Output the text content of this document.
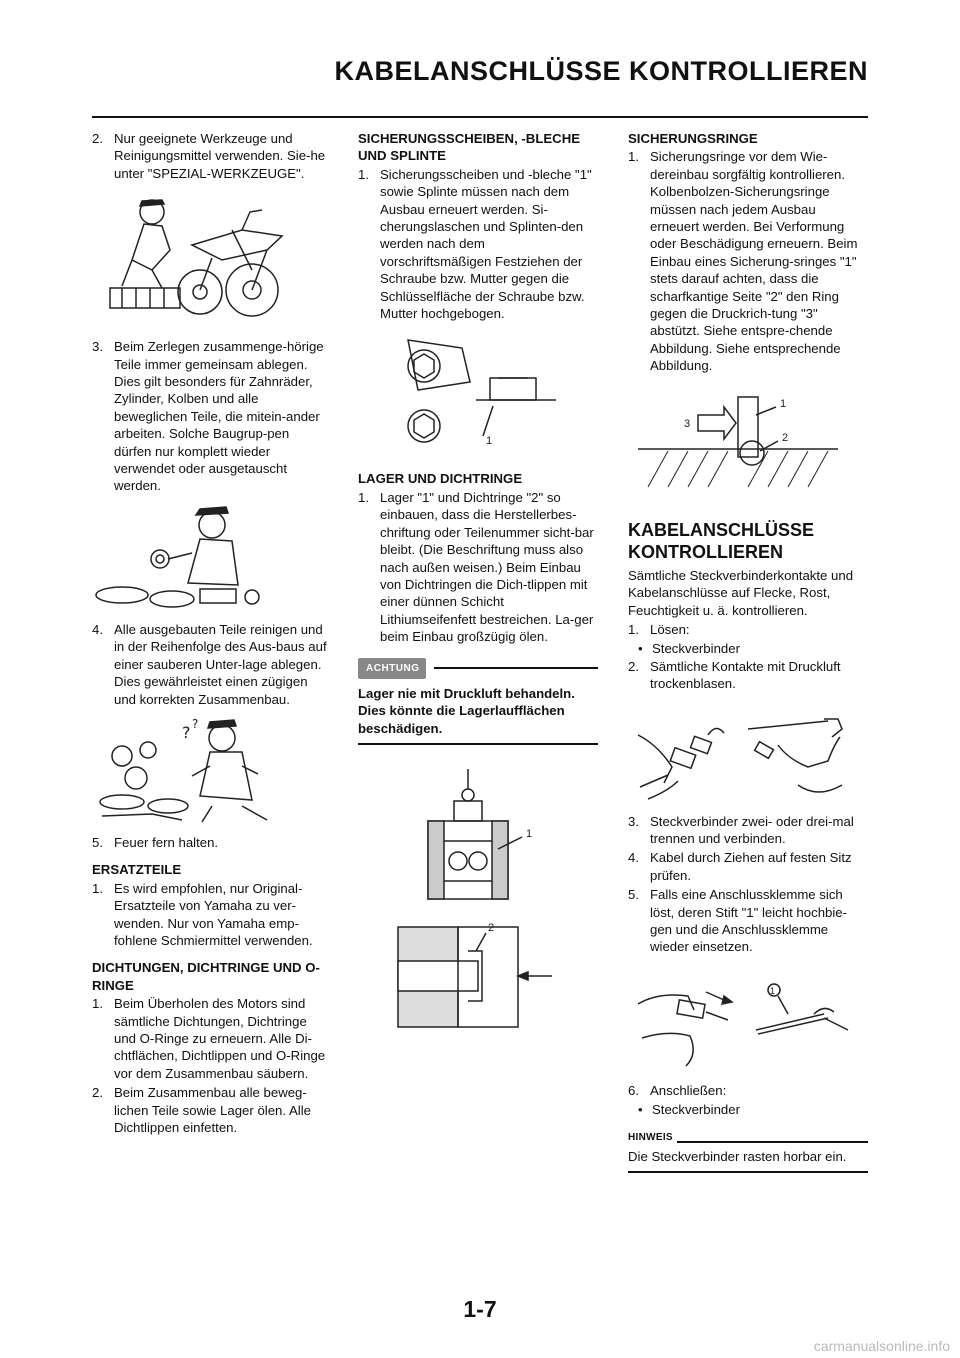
KABELANSCHLÜSSE KONTROLLIEREN
2. Nur geeignete Werkzeuge und Reinigungsmittel verwenden. Sie-he unter "SPEZIAL-WERKZEUGE".
3. Beim Zerlegen zusammenge-hörige Teile immer gemeinsam ablegen. Dies gilt besonders für Zahnräder, Zylinder, Kolben und alle beweglichen Teile, die mitein-ander arbeiten. Solche Baugrup-pen dürfen nur komplett wieder verwendet oder ausgetauscht werden.
4. Alle ausgebauten Teile reinigen und in der Reihenfolge des Aus-baus auf einer sauberen Unter-lage ablegen. Dies gewährleistet einen zügigen und korrekten Zusammenbau.
? ?
5. Feuer fern halten.
ERSATZTEILE
1. Es wird empfohlen, nur Original-Ersatzteile von Yamaha zu ver-wenden. Nur von Yamaha emp-fohlene Schmiermittel verwenden.
DICHTUNGEN, DICHTRINGE UND O-RINGE
1. Beim Überholen des Motors sind sämtliche Dichtungen, Dichtringe und O-Ringe zu erneuern. Alle Di-chtflächen, Dichtlippen und O-Ringe vor dem Zusammenbau säubern.
2. Beim Zusammenbau alle beweg-lichen Teile sowie Lager ölen. Alle Dichtlippen einfetten.
SICHERUNGSSCHEIBEN, -BLECHE UND SPLINTE
1. Sicherungsscheiben und -bleche "1" sowie Splinte müssen nach dem Ausbau erneuert werden. Si-cherungslaschen und Splinten-den werden nach dem vorschriftsmäßigen Festziehen der Schraube bzw. Mutter gegen die Schlüsselfläche der Schraube bzw. Mutter hochgebogen.
1
LAGER UND DICHTRINGE
1. Lager "1" und Dichtringe "2" so einbauen, dass die Herstellerbes-chriftung oder Teilenummer sicht-bar bleibt. (Die Beschriftung muss also nach außen weisen.) Beim Einbau von Dichtringen die Dich-tlippen mit einer dünnen Schicht Lithiumseifenfett bestreichen. La-ger beim Einbau großzügig ölen.
ACHTUNG
Lager nie mit Druckluft behandeln. Dies könnte die Lagerlaufflächen beschädigen.
1
2
SICHERUNGSRINGE
1. Sicherungsringe vor dem Wie-dereinbau sorgfältig kontrollieren. Kolbenbolzen-Sicherungsringe müssen nach jedem Ausbau erneuert werden. Bei Verformung oder Beschädigung erneuern. Beim Einbau eines Sicherung-sringes "1" stets darauf achten, dass die scharfkantige Seite "2" den Ring gegen die Druckrich-tung "3" abstützt. Siehe entspre-chende Abbildung. Siehe entsprechende Abbildung.
1
2
3
KABELANSCHLÜSSE KONTROLLIEREN
Sämtliche Steckverbinderkontakte und Kabelanschlüsse auf Flecke, Rost, Feuchtigkeit u. ä. kontrollieren.
1. Lösen:
• Steckverbinder
2. Sämtliche Kontakte mit Druckluft trockenblasen.
3. Steckverbinder zwei- oder drei-mal trennen und verbinden.
4. Kabel durch Ziehen auf festen Sitz prüfen.
5. Falls eine Anschlussklemme sich löst, deren Stift "1" leicht hochbie-gen und die Anschlussklemme wieder einsetzen.
1
6. Anschließen:
• Steckverbinder
HINWEIS
Die Steckverbinder rasten horbar ein.
1-7
carmanualsonline.info
